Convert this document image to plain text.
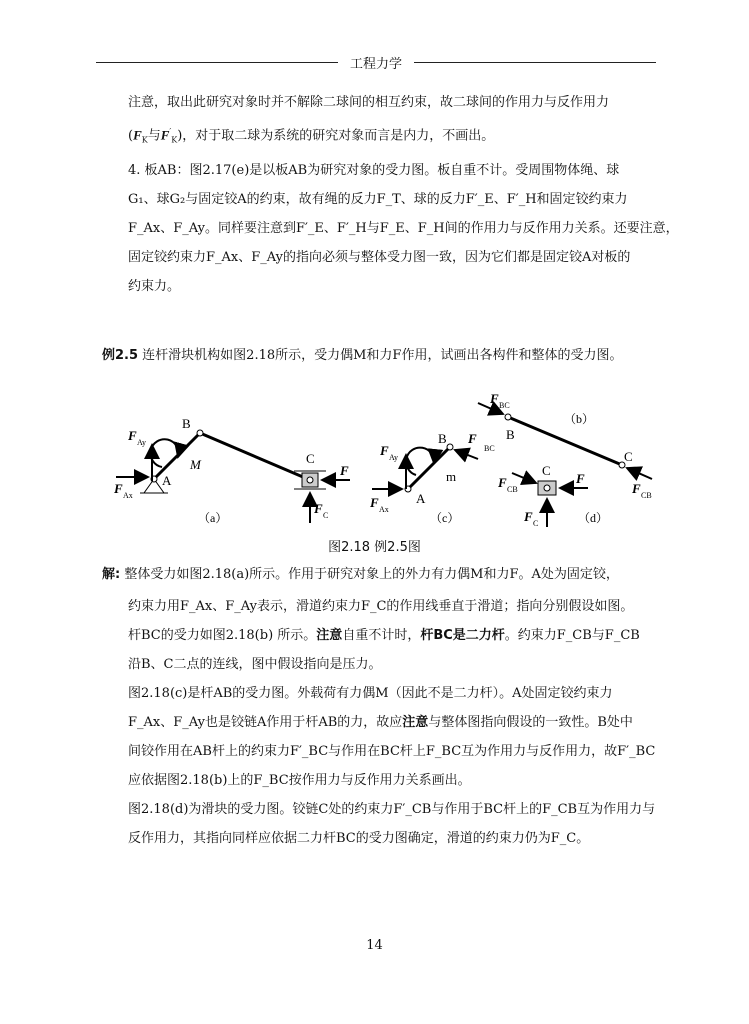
工程力学
注意，取出此研究对象时并不解除二球间的相互约束，故二球间的作用力与反作用力
($F_K$与$F'_K$)，对于取二球为系统的研究对象而言是内力，不画出。
4. 板AB：图2.17(e)是以板AB为研究对象的受力图。板自重不计。受周围物体绳、球
G₁、球G₂与固定铰A的约束，故有绳的反力F_T、球的反力F′_E、F′_H和固定铰约束力
F_Ax、F_Ay。同样要注意到F′_E、F′_H与F_E、F_H间的作用力与反作用力关系。还要注意，
固定铰约束力F_Ax、F_Ay的指向必须与整体受力图一致，因为它们都是固定铰A对板的
约束力。
例2.5 连杆滑块机构如图2.18所示，受力偶M和力F作用，试画出各构件和整体的受力图。
B
A
C
M	F
F Ay
F Ax
F C
（a）
F BC
B
C
F CB
（b）
B
A
m
F
BC
F Ay
F Ax
（c）
C
F
F CB
F C	（d）
图2.18 例2.5图
解: 整体受力如图2.18(a)所示。作用于研究对象上的外力有力偶M和力F。A处为固定铰，
约束力用F_Ax、F_Ay表示，滑道约束力F_C的作用线垂直于滑道；指向分别假设如图。
杆BC的受力如图2.18(b) 所示。注意自重不计时，杆BC是二力杆。约束力F_CB与F_CB
沿B、C二点的连线，图中假设指向是压力。
图2.18(c)是杆AB的受力图。外载荷有力偶M（因此不是二力杆）。A处固定铰约束力
F_Ax、F_Ay也是铰链A作用于杆AB的力，故应注意与整体图指向假设的一致性。B处中
间铰作用在AB杆上的约束力F′_BC与作用在BC杆上F_BC互为作用力与反作用力，故F′_BC
应依据图2.18(b)上的F_BC按作用力与反作用力关系画出。
图2.18(d)为滑块的受力图。铰链C处的约束力F′_CB与作用于BC杆上的F_CB互为作用力与
反作用力，其指向同样应依据二力杆BC的受力图确定，滑道的约束力仍为F_C。
14
